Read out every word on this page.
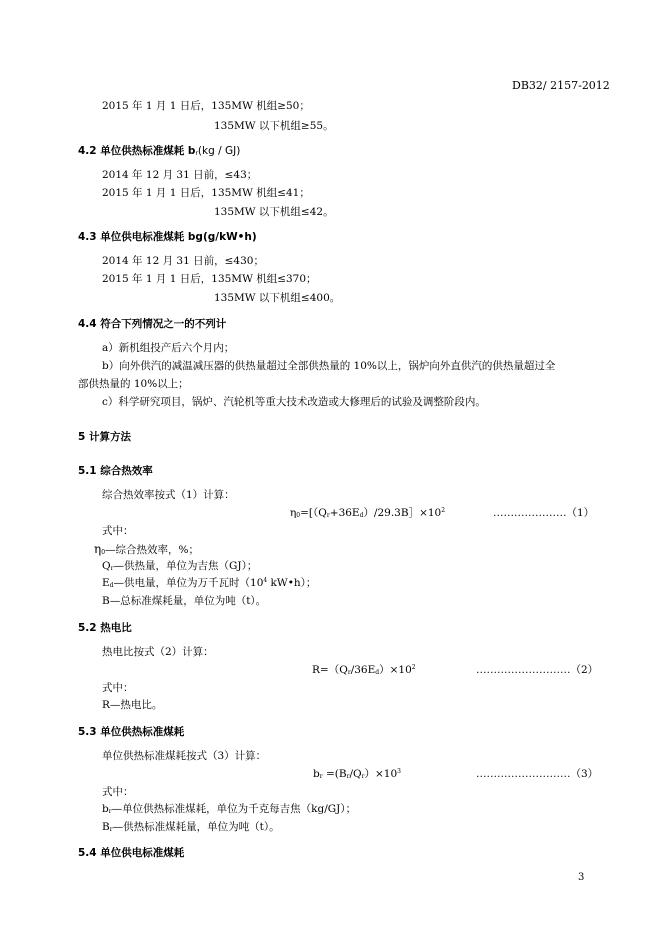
DB32/ 2157-2012
2015 年 1 月 1 日后，135MW 机组≥50；
135MW 以下机组≥55。
4.2 单位供热标准煤耗 $b_r(kg / GJ)$
2014 年 12 月 31 日前，≤43；
2015 年 1 月 1 日后，135MW 机组≤41；
135MW 以下机组≤42。
4.3 单位供电标准煤耗 bg(g/kW•h)
2014 年 12 月 31 日前，≤430；
2015 年 1 月 1 日后，135MW 机组≤370；
135MW 以下机组≤400。
4.4 符合下列情况之一的不列计
a）新机组投产后六个月内；
b）向外供汽的减温减压器的供热量超过全部供热量的 10%以上，锅炉向外直供汽的供热量超过全
部供热量的 10%以上；
c）科学研究项目，锅炉、汽轮机等重大技术改造或大修理后的试验及调整阶段内。
5 计算方法
5.1 综合热效率
综合热效率按式（1）计算：
$\eta_0=[(Q_r+36E_d)/29.3B]\times 10^2$	…………………（1）
式中：
$\eta_0—$综合热效率，%；
$Q_r—$供热量，单位为吉焦（GJ）；
$E_d—$供电量，单位为万千瓦时（$10^4$ kW•h）；
B—总标准煤耗量，单位为吨（t）。
5.2 热电比
热电比按式（2）计算：
$R=(Q_r/36E_d)\times 10^2$	………………………（2）
式中：
R—热电比。
5.3 单位供热标准煤耗
单位供热标准煤耗按式（3）计算：
$b_r =(B_r/Q_r)\times 10^3$	………………………（3）
式中：
$b_r—$单位供热标准煤耗，单位为千克每吉焦（kg/GJ）；
$B_r—$供热标准煤耗量，单位为吨（t）。
5.4 单位供电标准煤耗
3
